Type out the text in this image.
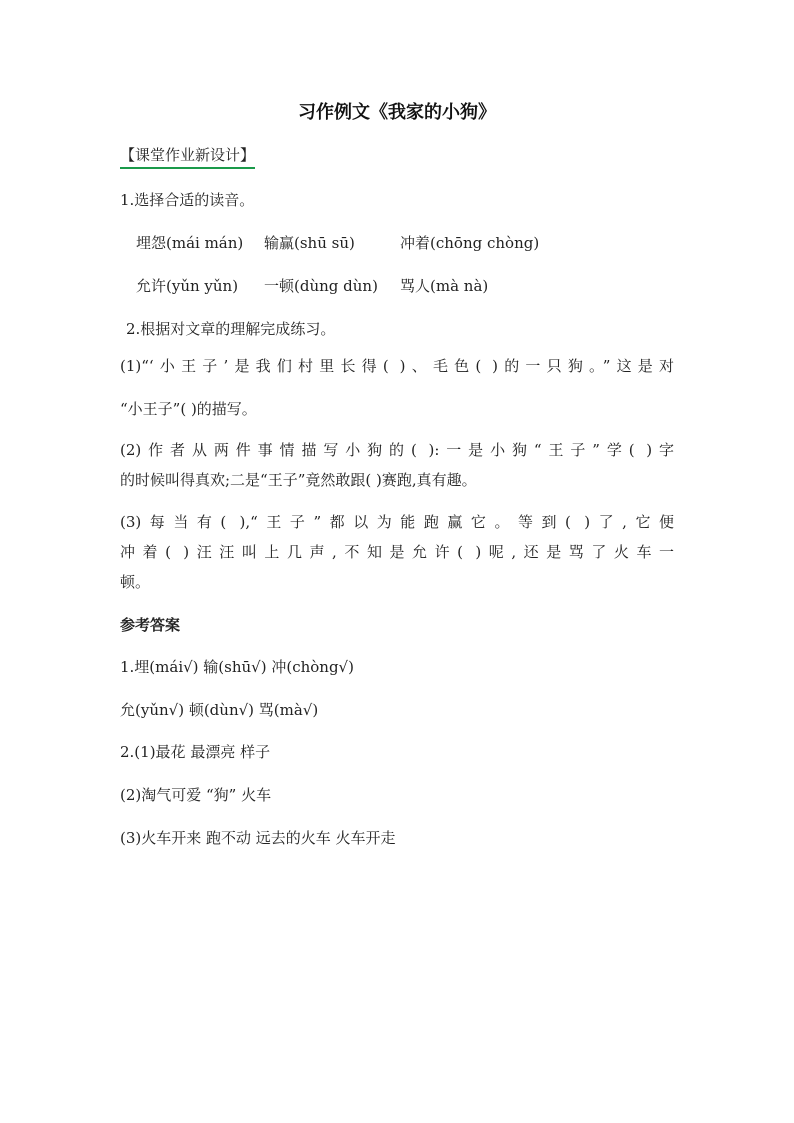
习作例文《我家的小狗》
【课堂作业新设计】
1.选择合适的读音。
埋怨(mái mán) 输赢(shū sū)	冲着(chōng chòng)
允许(yǔn yǔn) 一顿(dùng dùn) 骂人(mà nà)
2.根据对文章的理解完成练习。
(1)“‘小王子’是我们村里长得( )、毛色( )的一只狗。”这是对
“小王子”( )的描写。
(2)作者从两件事情描写小狗的( ):一是小狗“王子”学( )字
的时候叫得真欢;二是“王子”竟然敢跟( )赛跑,真有趣。
(3)每当有( ),“王子”都以为能跑赢它。等到( )了,它便
冲着( )汪汪叫上几声,不知是允许( )呢,还是骂了火车一
顿。
参考答案
1.埋(mái√) 输(shū√) 冲(chòng√)
允(yǔn√) 顿(dùn√) 骂(mà√)
2.(1)最花 最漂亮 样子
(2)淘气可爱 “狗” 火车
(3)火车开来 跑不动 远去的火车 火车开走
